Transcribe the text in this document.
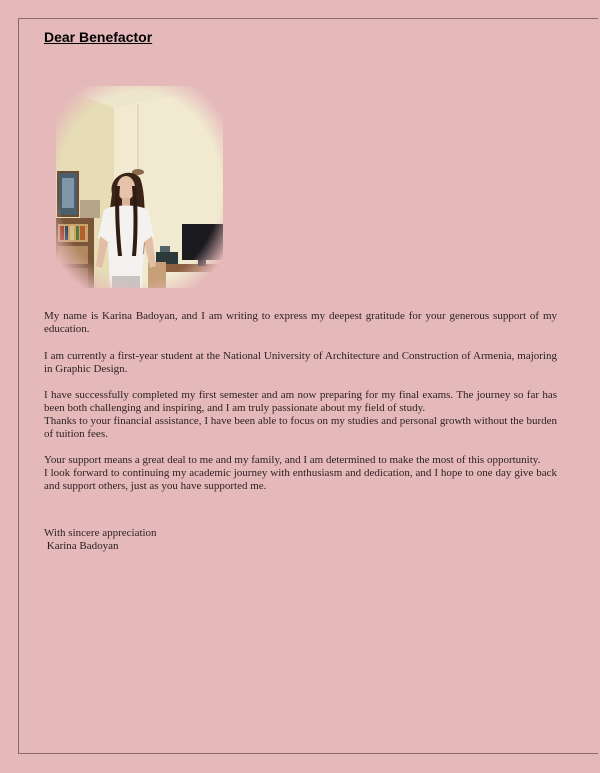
Dear Benefactor

My name is Karina Badoyan, and I am writing to express my deepest gratitude for your generous support of my education.

I am currently a first-year student at the National University of Architecture and Construction of Armenia, majoring in Graphic Design.

I have successfully completed my first semester and am now preparing for my final exams. The journey so far has been both challenging and inspiring, and I am truly passionate about my field of study.

Thanks to your financial assistance, I have been able to focus on my studies and personal growth without the burden of tuition fees.

Your support means a great deal to me and my family, and I am determined to make the most of this opportunity.

I look forward to continuing my academic journey with enthusiasm and dedication, and I hope to one day give back and support others, just as you have supported me.

With sincere appreciation

Karina Badoyan
